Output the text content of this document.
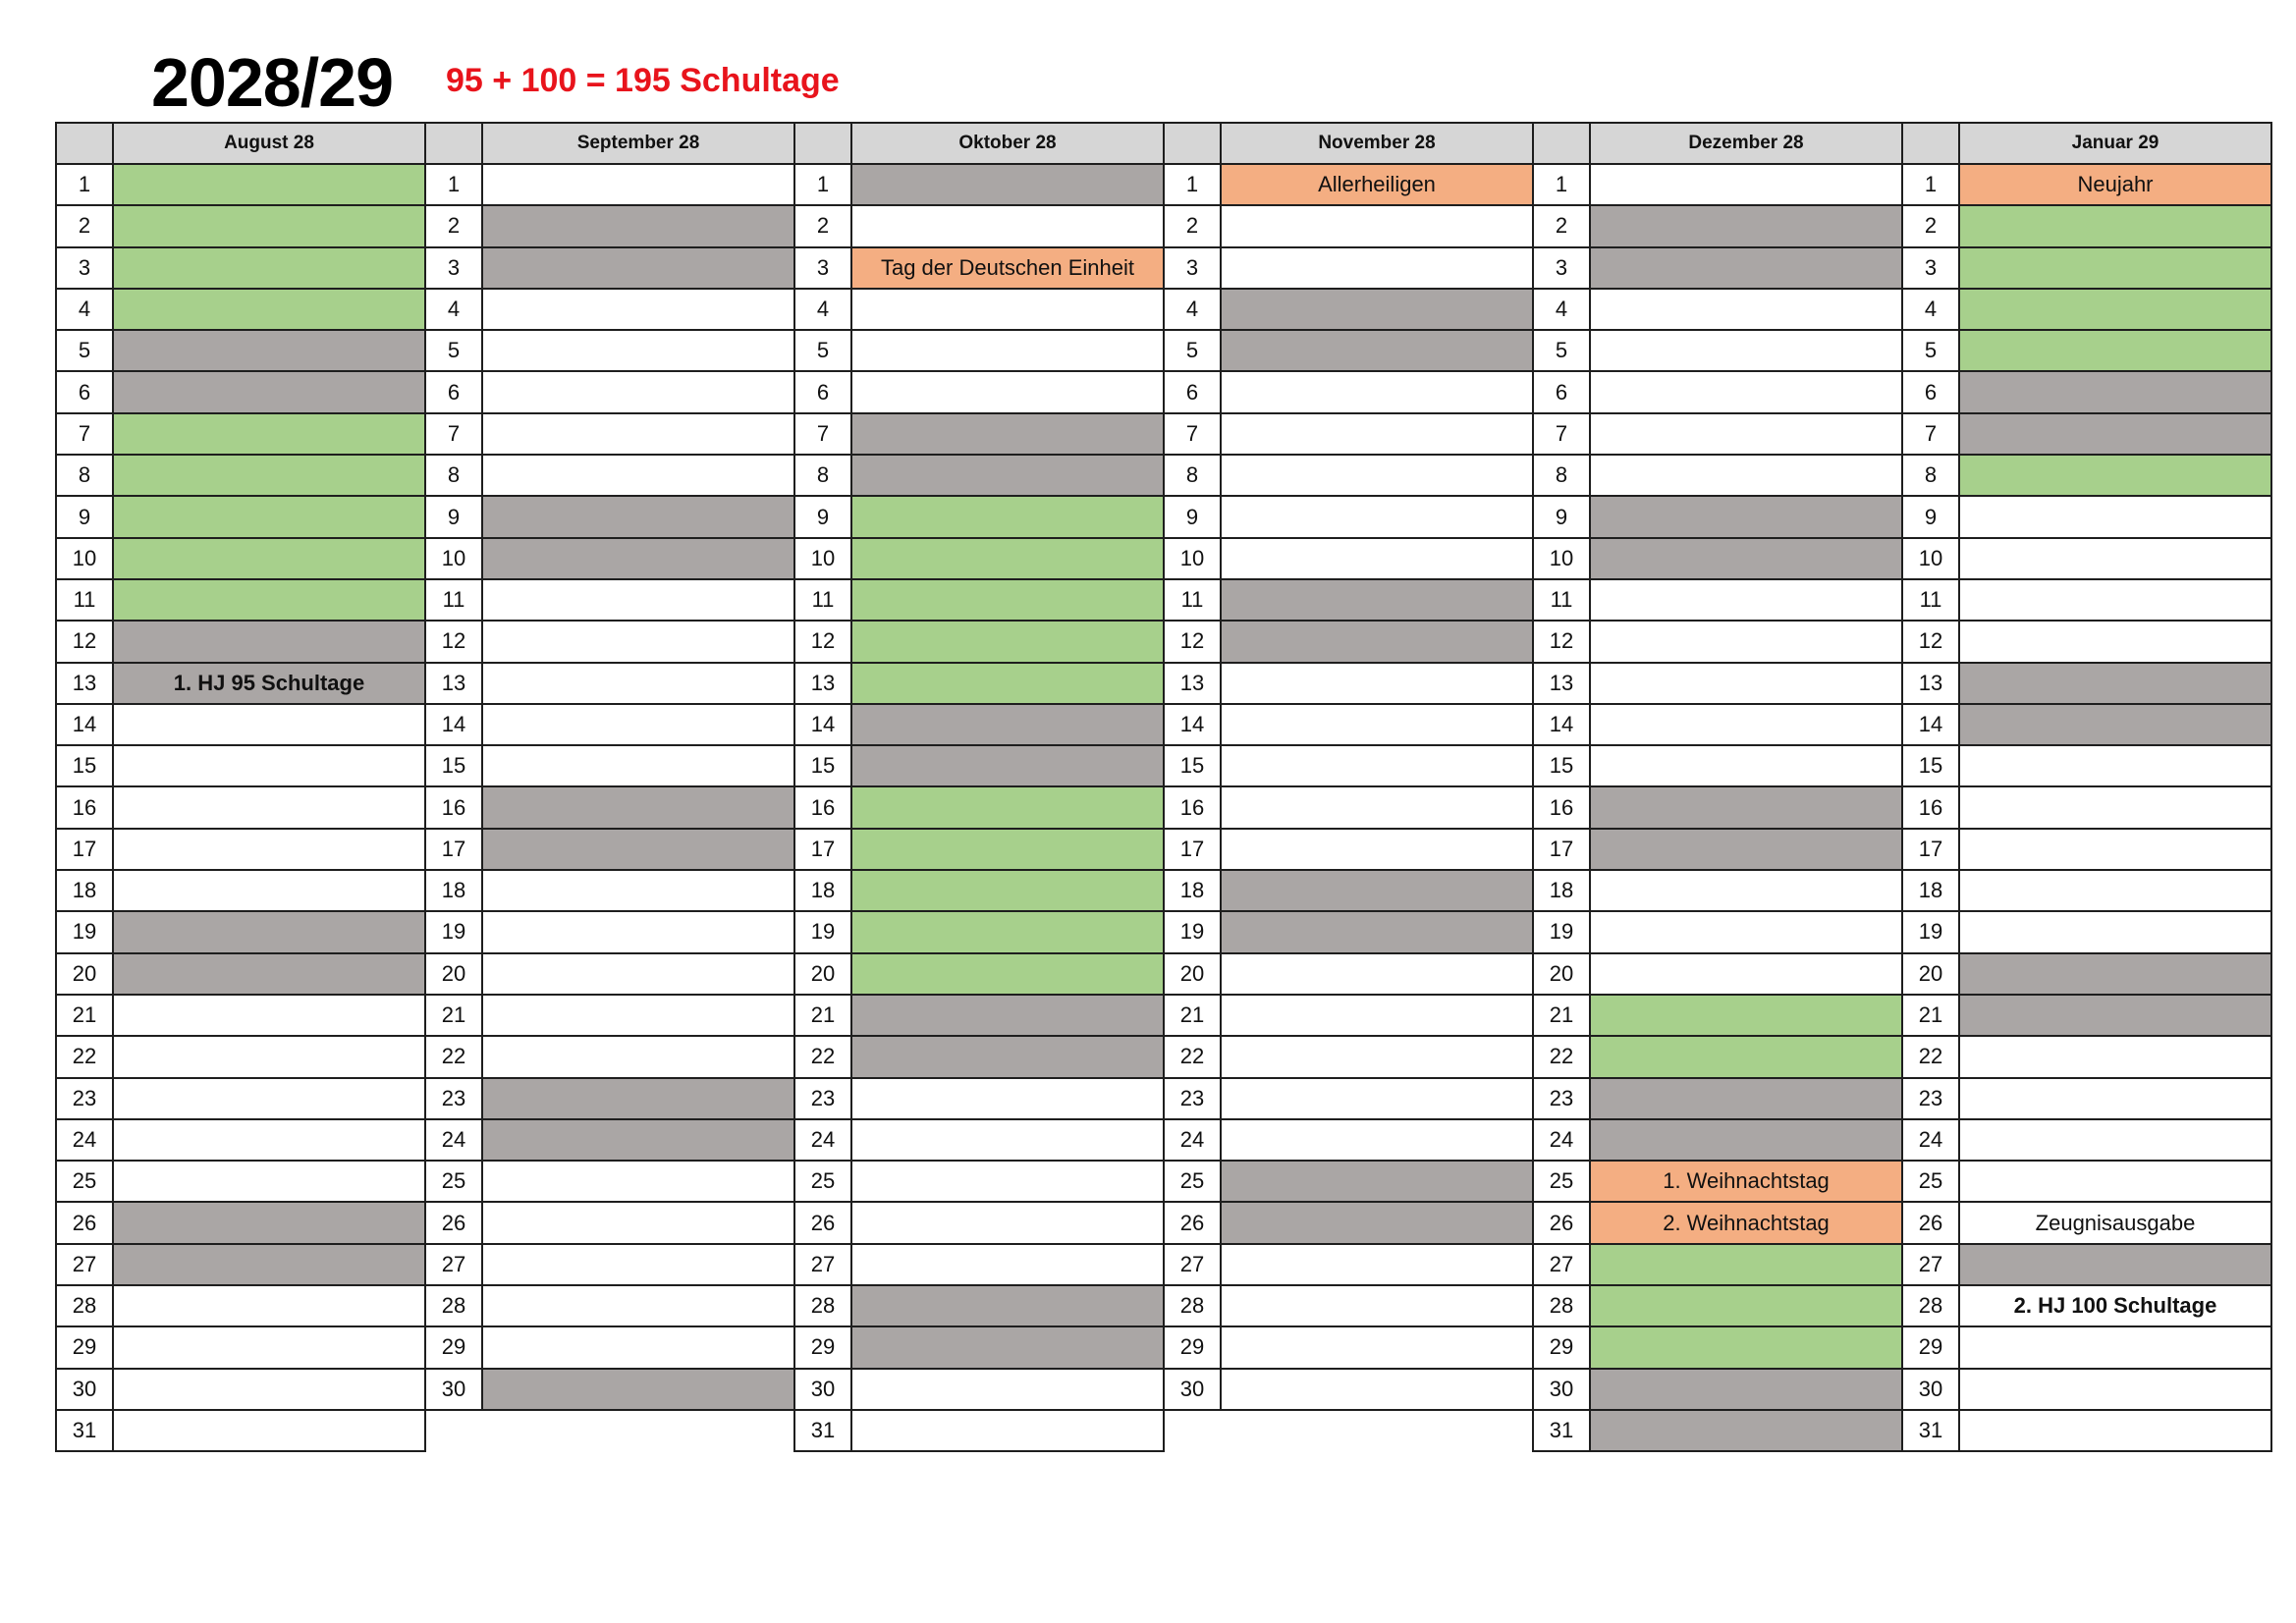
2028/29 95 + 100 = 195 Schultage
	August 28		September 28		Oktober 28		November 28		Dezember 28		Januar 29
1		1		1		1	Allerheiligen	1		1	Neujahr
2		2		2		2		2		2	
3		3		3	Tag der Deutschen Einheit	3		3		3	
4		4		4		4		4		4	
5		5		5		5		5		5	
6		6		6		6		6		6	
7		7		7		7		7		7	
8		8		8		8		8		8	
9		9		9		9		9		9	
10		10		10		10		10		10	
11		11		11		11		11		11	
12		12		12		12		12		12	
13	1. HJ 95 Schultage	13		13		13		13		13	
14		14		14		14		14		14	
15		15		15		15		15		15	
16		16		16		16		16		16	
17		17		17		17		17		17	
18		18		18		18		18		18	
19		19		19		19		19		19	
20		20		20		20		20		20	
21		21		21		21		21		21	
22		22		22		22		22		22	
23		23		23		23		23		23	
24		24		24		24		24		24	
25		25		25		25		25	1. Weihnachtstag	25	
26		26		26		26		26	2. Weihnachtstag	26	Zeugnisausgabe
27		27		27		27		27		27	
28		28		28		28		28		28	2. HJ 100 Schultage
29		29		29		29		29		29	
30		30		30		30		30		30	
31				31				31		31	
